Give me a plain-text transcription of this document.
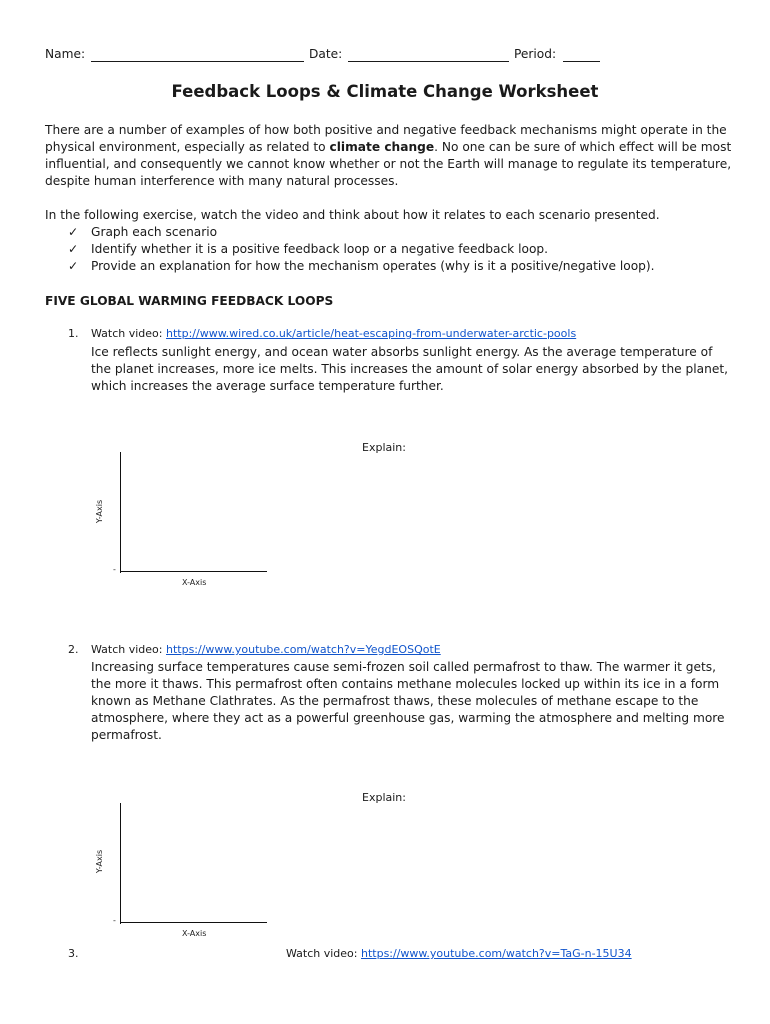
Name:	Date:	Period:
Feedback Loops & Climate Change Worksheet
There are a number of examples of how both positive and negative feedback mechanisms might operate in the physical environment, especially as related to climate change. No one can be sure of which effect will be most influential, and consequently we cannot know whether or not the Earth will manage to regulate its temperature, despite human interference with many natural processes.
In the following exercise, watch the video and think about how it relates to each scenario presented.
✓ Graph each scenario
✓ Identify whether it is a positive feedback loop or a negative feedback loop.
✓ Provide an explanation for how the mechanism operates (why is it a positive/negative loop).
FIVE GLOBAL WARMING FEEDBACK LOOPS
1. Watch video: http://www.wired.co.uk/article/heat-escaping-from-underwater-arctic-pools
Ice reflects sunlight energy, and ocean water absorbs sunlight energy. As the average temperature of the planet increases, more ice melts. This increases the amount of solar energy absorbed by the planet, which increases the average surface temperature further.
Explain:
Y-Axis
X-Axis
-
2. Watch video: https://www.youtube.com/watch?v=YegdEOSQotE
Increasing surface temperatures cause semi-frozen soil called permafrost to thaw. The warmer it gets, the more it thaws. This permafrost often contains methane molecules locked up within its ice in a form known as Methane Clathrates. As the permafrost thaws, these molecules of methane escape to the atmosphere, where they act as a powerful greenhouse gas, warming the atmosphere and melting more permafrost.
Explain:
Y-Axis
X-Axis
-
3.	Watch video: https://www.youtube.com/watch?v=TaG-n-15U34
